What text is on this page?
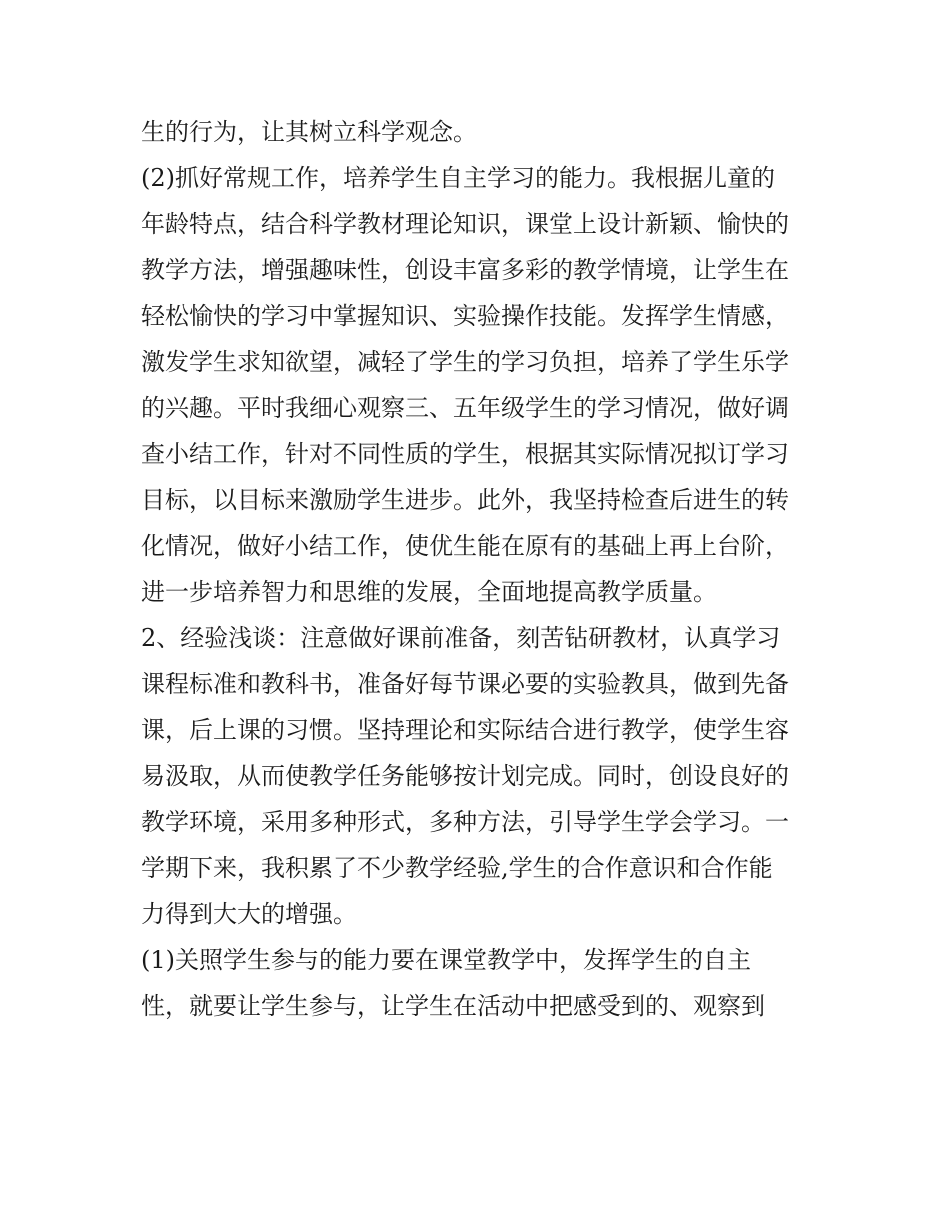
生的行为，让其树立科学观念。

(2)抓好常规工作，培养学生自主学习的能力。我根据儿童的

年龄特点，结合科学教材理论知识，课堂上设计新颖、愉快的

教学方法，增强趣味性，创设丰富多彩的教学情境，让学生在

轻松愉快的学习中掌握知识、实验操作技能。发挥学生情感，

激发学生求知欲望，减轻了学生的学习负担，培养了学生乐学

的兴趣。平时我细心观察三、五年级学生的学习情况，做好调

查小结工作，针对不同性质的学生，根据其实际情况拟订学习

目标，以目标来激励学生进步。此外，我坚持检查后进生的转

化情况，做好小结工作，使优生能在原有的基础上再上台阶，

进一步培养智力和思维的发展，全面地提高教学质量。

2、经验浅谈：注意做好课前准备，刻苦钻研教材，认真学习

课程标准和教科书，准备好每节课必要的实验教具，做到先备

课，后上课的习惯。坚持理论和实际结合进行教学，使学生容

易汲取，从而使教学任务能够按计划完成。同时，创设良好的

教学环境，采用多种形式，多种方法，引导学生学会学习。一

学期下来，我积累了不少教学经验,学生的合作意识和合作能

力得到大大的增强。

(1)关照学生参与的能力要在课堂教学中，发挥学生的自主

性，就要让学生参与，让学生在活动中把感受到的、观察到
